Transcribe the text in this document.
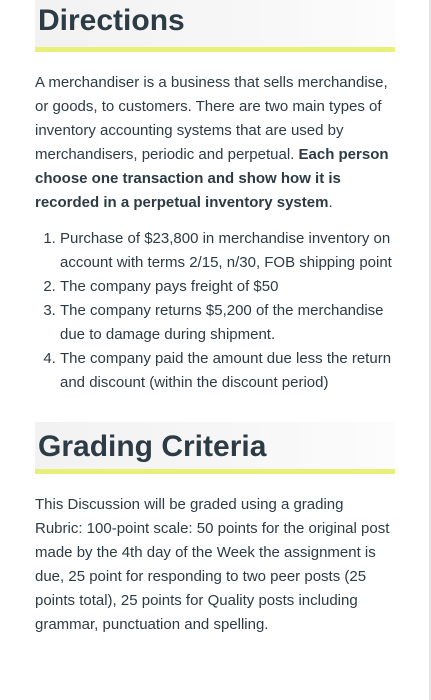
Directions

A merchandiser is a business that sells merchandise, or goods, to customers. There are two main types of inventory accounting systems that are used by merchandisers, periodic and perpetual. Each person choose one transaction and show how it is recorded in a perpetual inventory system.

1. Purchase of $23,800 in merchandise inventory on account with terms 2/15, n/30, FOB shipping point
2. The company pays freight of $50
3. The company returns $5,200 of the merchandise due to damage during shipment.
4. The company paid the amount due less the return and discount (within the discount period)
Grading Criteria

This Discussion will be graded using a grading Rubric: 100-point scale: 50 points for the original post made by the 4th day of the Week the assignment is due, 25 point for responding to two peer posts (25 points total), 25 points for Quality posts including grammar, punctuation and spelling.
